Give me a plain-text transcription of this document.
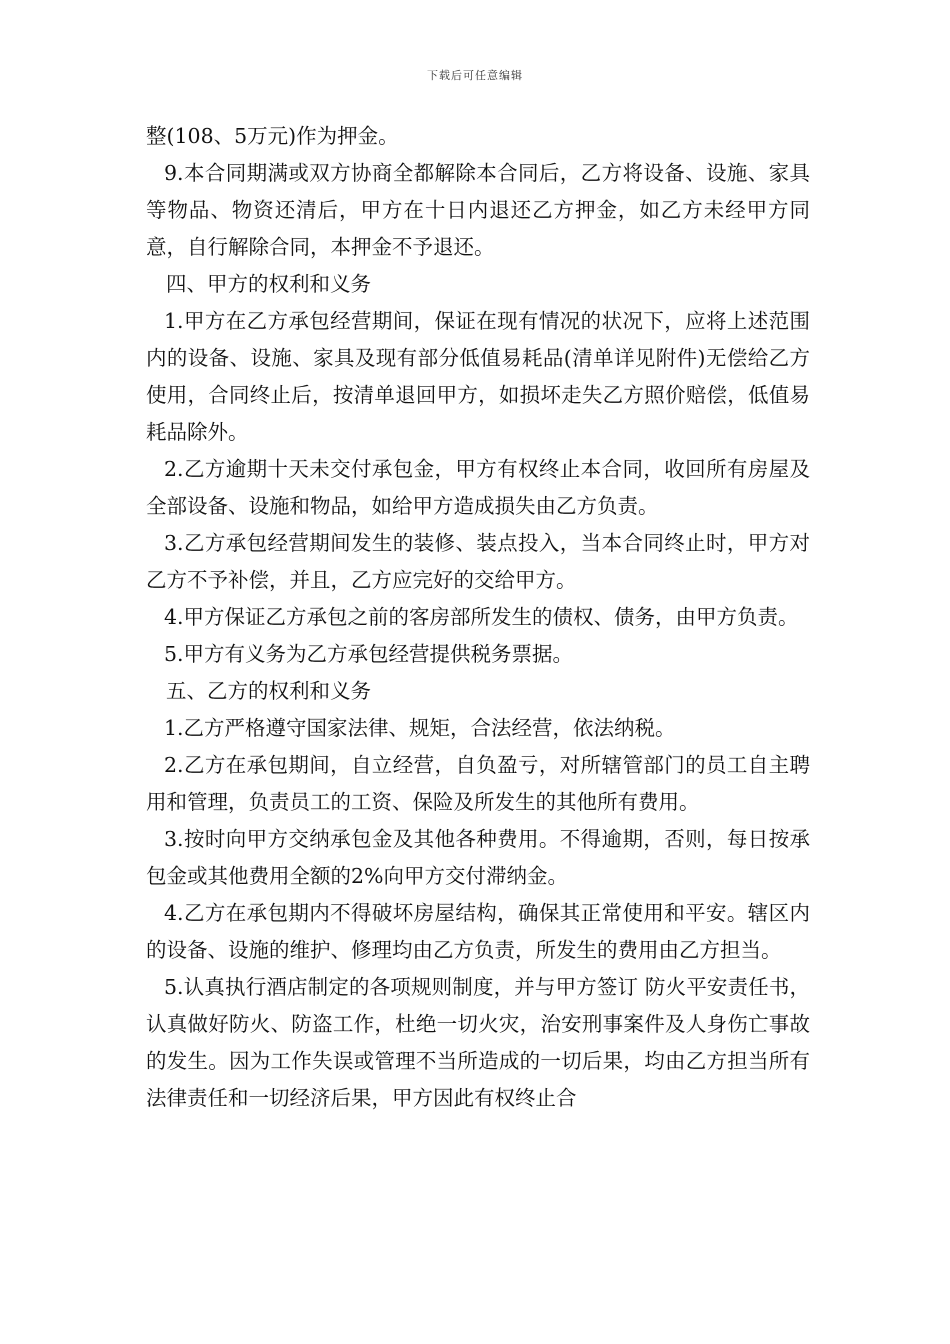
下载后可任意编辑

整(108、5万元)作为押金。

9.本合同期满或双方协商全都解除本合同后，乙方将设备、设施、家具等物品、物资还清后，甲方在十日内退还乙方押金，如乙方未经甲方同意，自行解除合同，本押金不予退还。

四、甲方的权利和义务

1.甲方在乙方承包经营期间，保证在现有情况的状况下，应将上述范围内的设备、设施、家具及现有部分低值易耗品(清单详见附件)无偿给乙方使用，合同终止后，按清单退回甲方，如损坏走失乙方照价赔偿，低值易耗品除外。

2.乙方逾期十天未交付承包金，甲方有权终止本合同，收回所有房屋及全部设备、设施和物品，如给甲方造成损失由乙方负责。

3.乙方承包经营期间发生的装修、装点投入，当本合同终止时，甲方对乙方不予补偿，并且，乙方应完好的交给甲方。

4.甲方保证乙方承包之前的客房部所发生的债权、债务，由甲方负责。

5.甲方有义务为乙方承包经营提供税务票据。

五、乙方的权利和义务

1.乙方严格遵守国家法律、规矩，合法经营，依法纳税。

2.乙方在承包期间，自立经营，自负盈亏，对所辖管部门的员工自主聘用和管理，负责员工的工资、保险及所发生的其他所有费用。

3.按时向甲方交纳承包金及其他各种费用。不得逾期，否则，每日按承包金或其他费用全额的2%向甲方交付滞纳金。

4.乙方在承包期内不得破坏房屋结构，确保其正常使用和平安。辖区内的设备、设施的维护、修理均由乙方负责，所发生的费用由乙方担当。

5.认真执行酒店制定的各项规则制度，并与甲方签订 防火平安责任书，认真做好防火、防盗工作，杜绝一切火灾，治安刑事案件及人身伤亡事故的发生。因为工作失误或管理不当所造成的一切后果，均由乙方担当所有法律责任和一切经济后果，甲方因此有权终止合
